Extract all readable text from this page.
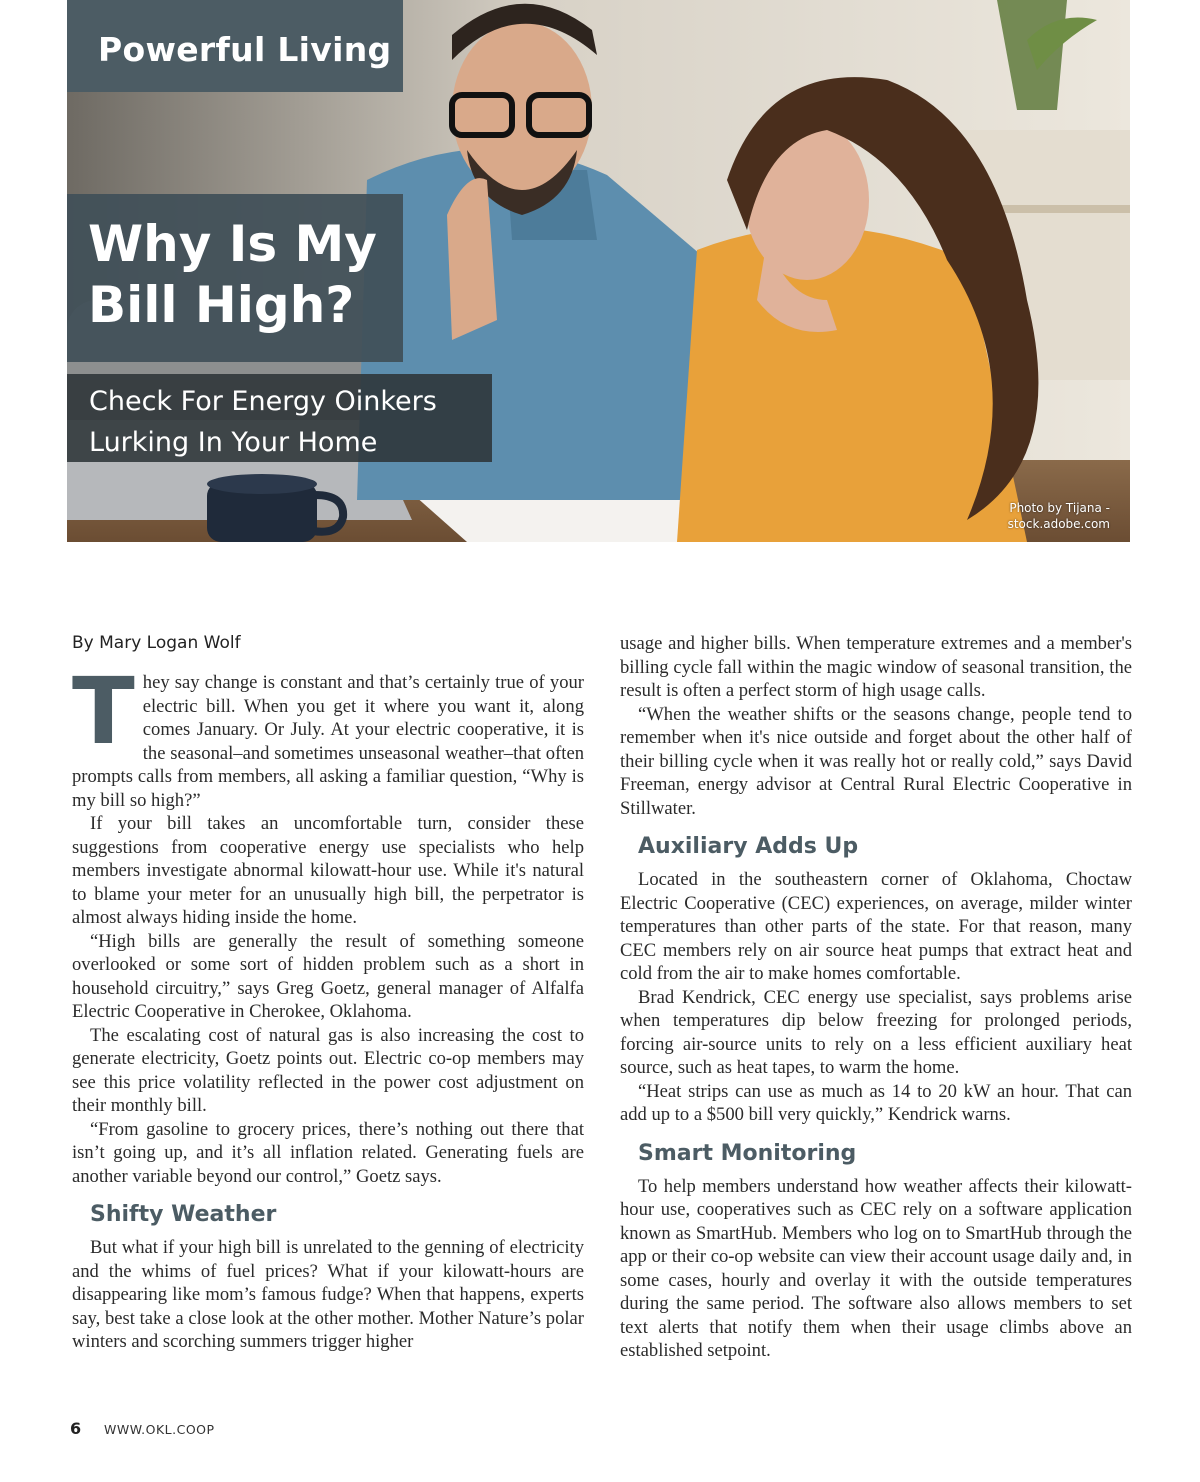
Powerful Living
Why Is My Bill High?
Check For Energy Oinkers Lurking In Your Home
Photo by Tijana - stock.adobe.com
By Mary Logan Wolf

They say change is constant and that’s certainly true of your electric bill. When you get it where you want it, along comes January. Or July. At your electric cooperative, it is the seasonal–and sometimes unseasonal weather–that often prompts calls from members, all asking a familiar question, “Why is my bill so high?”

If your bill takes an uncomfortable turn, consider these suggestions from cooperative energy use specialists who help members investigate abnormal kilowatt-hour use. While it's natural to blame your meter for an unusually high bill, the perpetrator is almost always hiding inside the home.

“High bills are generally the result of something someone overlooked or some sort of hidden problem such as a short in household circuitry,” says Greg Goetz, general manager of Alfalfa Electric Cooperative in Cherokee, Oklahoma.

The escalating cost of natural gas is also increasing the cost to generate electricity, Goetz points out. Electric co-op members may see this price volatility reflected in the power cost adjustment on their monthly bill.

“From gasoline to grocery prices, there’s nothing out there that isn’t going up, and it’s all inflation related. Generating fuels are another variable beyond our control,” Goetz says.

Shifty Weather

But what if your high bill is unrelated to the genning of electricity and the whims of fuel prices? What if your kilowatt-hours are disappearing like mom’s famous fudge? When that happens, experts say, best take a close look at the other mother. Mother Nature’s polar winters and scorching summers trigger higher

usage and higher bills. When temperature extremes and a member's billing cycle fall within the magic window of seasonal transition, the result is often a perfect storm of high usage calls.

“When the weather shifts or the seasons change, people tend to remember when it's nice outside and forget about the other half of their billing cycle when it was really hot or really cold,” says David Freeman, energy advisor at Central Rural Electric Cooperative in Stillwater.

Auxiliary Adds Up

Located in the southeastern corner of Oklahoma, Choctaw Electric Cooperative (CEC) experiences, on average, milder winter temperatures than other parts of the state. For that reason, many CEC members rely on air source heat pumps that extract heat and cold from the air to make homes comfortable.

Brad Kendrick, CEC energy use specialist, says problems arise when temperatures dip below freezing for prolonged periods, forcing air-source units to rely on a less efficient auxiliary heat source, such as heat tapes, to warm the home.

“Heat strips can use as much as 14 to 20 kW an hour. That can add up to a $500 bill very quickly,” Kendrick warns.

Smart Monitoring

To help members understand how weather affects their kilowatt-hour use, cooperatives such as CEC rely on a software application known as SmartHub. Members who log on to SmartHub through the app or their co-op website can view their account usage daily and, in some cases, hourly and overlay it with the outside temperatures during the same period. The software also allows members to set text alerts that notify them when their usage climbs above an established setpoint.

6 WWW.OKL.COOP
